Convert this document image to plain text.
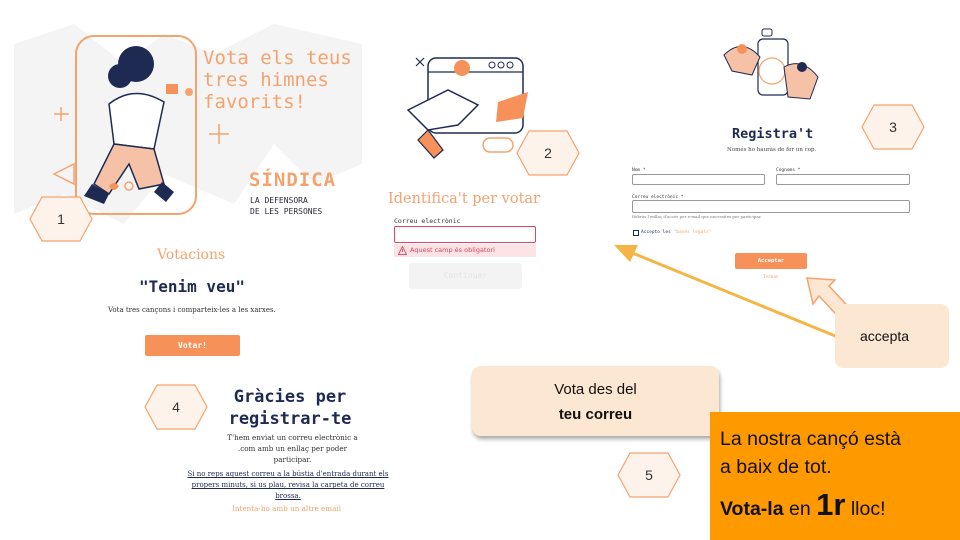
Vota els teus
tres himnes
favorits!
SÍNDICA
LA DEFENSORA
DE LES PERSONES
1
Votacions
"Tenim veu"
Vota tres cançons i comparteix-les a les xarxes.
Votar!
2
Identifica't per votar
Correu electrònic
Aquest camp és obligatori
Continuar
Registra't
Només ho hauràs de fer un cop.
3
Nom *	Cognoms *
Correu electrònic *
Rebràs l'enllaç d'accés per e-mail que necessites per participar.
Accepto les "bases legals"
Acceptar
Tornar
accepta
4	Gràcies per
registrar-te
T'hem enviat un correu electrònic a
.com amb un enllaç per poder
participar.
Si no reps aquest correu a la bústia d'entrada durant els propers minuts, si us plau, revisa la carpeta de correu brossa.
Intenta-ho amb un altre email
Vota des del
teu correu
5
La nostra cançó està
a baix de tot.
Vota-la en 1r lloc!
